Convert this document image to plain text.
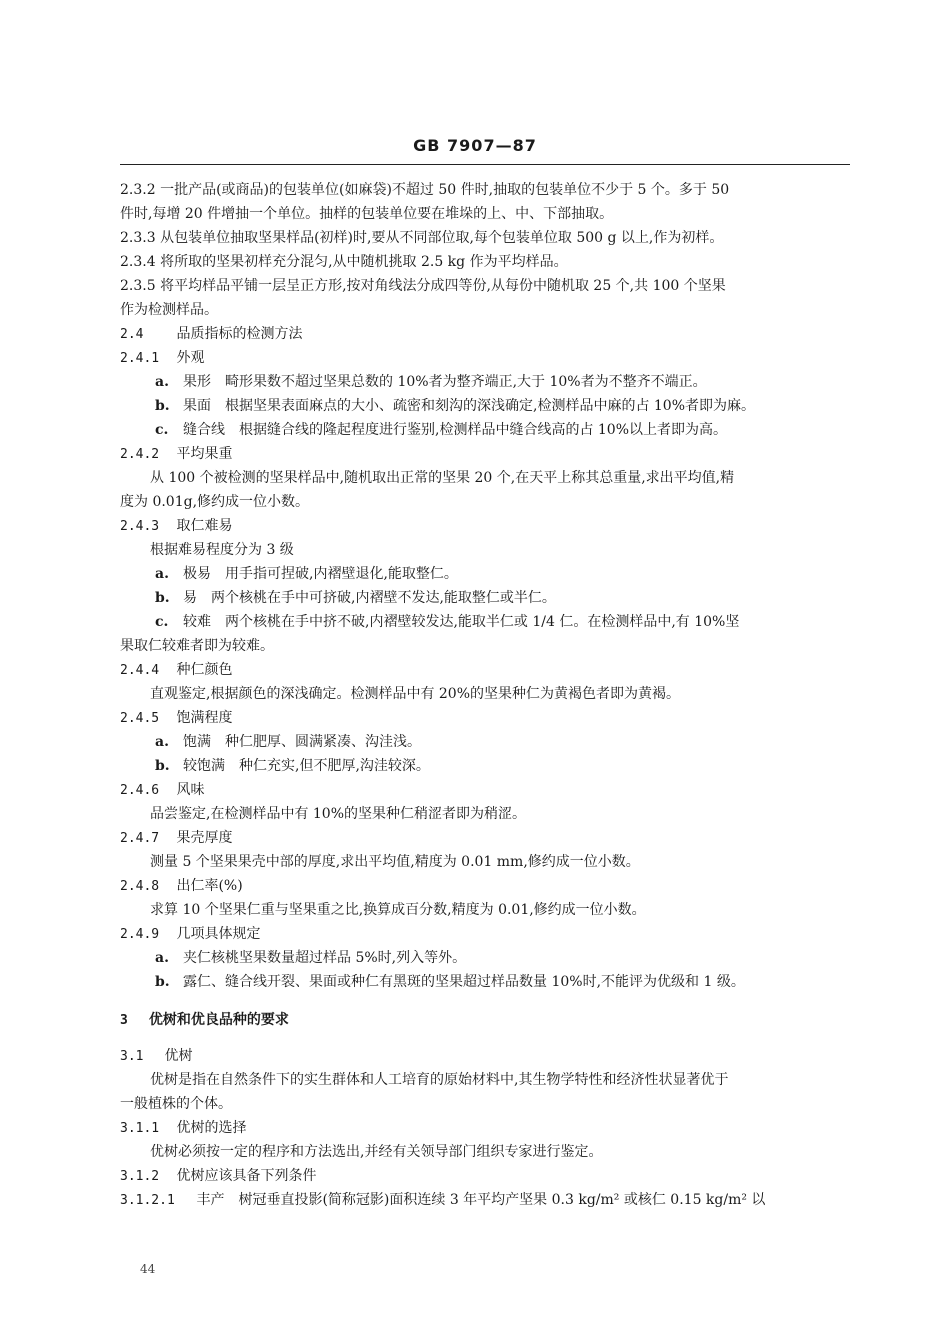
GB 7907—87
2.3.2 一批产品(或商品)的包装单位(如麻袋)不超过 50 件时,抽取的包装单位不少于 5 个。多于 50
件时,每增 20 件增抽一个单位。抽样的包装单位要在堆垛的上、中、下部抽取。
2.3.3 从包装单位抽取坚果样品(初样)时,要从不同部位取,每个包装单位取 500 g 以上,作为初样。
2.3.4 将所取的坚果初样充分混匀,从中随机挑取 2.5 kg 作为平均样品。
2.3.5 将平均样品平铺一层呈正方形,按对角线法分成四等份,从每份中随机取 25 个,共 100 个坚果
作为检测样品。
2.4 品质指标的检测方法
2.4.1 外观
a. 果形　畸形果数不超过坚果总数的 10%者为整齐端正,大于 10%者为不整齐不端正。
b. 果面　根据坚果表面麻点的大小、疏密和刻沟的深浅确定,检测样品中麻的占 10%者即为麻。
c. 缝合线　根据缝合线的隆起程度进行鉴别,检测样品中缝合线高的占 10%以上者即为高。
2.4.2 平均果重
从 100 个被检测的坚果样品中,随机取出正常的坚果 20 个,在天平上称其总重量,求出平均值,精
度为 0.01g,修约成一位小数。
2.4.3 取仁难易
根据难易程度分为 3 级
a. 极易　用手指可捏破,内褶壁退化,能取整仁。
b. 易　两个核桃在手中可挤破,内褶壁不发达,能取整仁或半仁。
c. 较难　两个核桃在手中挤不破,内褶壁较发达,能取半仁或 1/4 仁。在检测样品中,有 10%坚
果取仁较难者即为较难。
2.4.4 种仁颜色
直观鉴定,根据颜色的深浅确定。检测样品中有 20%的坚果种仁为黄褐色者即为黄褐。
2.4.5 饱满程度
a. 饱满　种仁肥厚、圆满紧凑、沟洼浅。
b. 较饱满　种仁充实,但不肥厚,沟洼较深。
2.4.6 风味
品尝鉴定,在检测样品中有 10%的坚果种仁稍涩者即为稍涩。
2.4.7 果壳厚度
测量 5 个坚果果壳中部的厚度,求出平均值,精度为 0.01 mm,修约成一位小数。
2.4.8 出仁率(%)
求算 10 个坚果仁重与坚果重之比,换算成百分数,精度为 0.01,修约成一位小数。
2.4.9 几项具体规定
a. 夹仁核桃坚果数量超过样品 5%时,列入等外。
b. 露仁、缝合线开裂、果面或种仁有黑斑的坚果超过样品数量 10%时,不能评为优级和 1 级。
3 优树和优良品种的要求
3.1 优树
优树是指在自然条件下的实生群体和人工培育的原始材料中,其生物学特性和经济性状显著优于
一般植株的个体。
3.1.1 优树的选择
优树必须按一定的程序和方法选出,并经有关领导部门组织专家进行鉴定。
3.1.2 优树应该具备下列条件
3.1.2.1 丰产　树冠垂直投影(简称冠影)面积连续 3 年平均产坚果 0.3 kg/m² 或核仁 0.15 kg/m² 以
44
